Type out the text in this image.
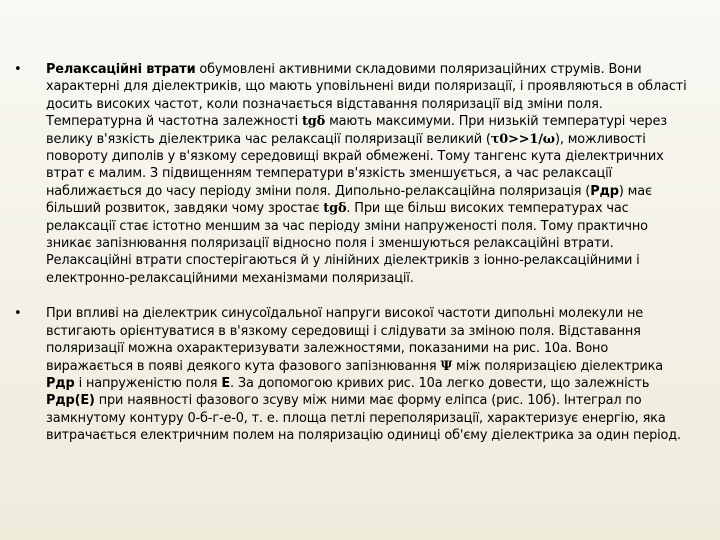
•	Релаксаційні втрати обумовлені активними складовими поляризаційних струмів. Вони характерні для діелектриків, що мають уповільнені види поляризації, і проявляються в області досить високих частот, коли позначається відставання поляризації від зміни поля. Температурна й частотна залежності tgδ мають максимуми. При низькій температурі через велику в'язкість діелектрика час релаксації поляризації великий (τ0>>1/ω), можливості повороту диполів у в'язкому середовищі вкрай обмежені. Тому тангенс кута діелектричних втрат є малим. З підвищенням температури в'язкість зменшується, а час релаксації наближається до часу періоду зміни поля. Дипольно-релаксаційна поляризація (Рдр) має більший розвиток, завдяки чому зростає tgδ. При ще більш високих температурах час релаксації стає істотно меншим за час періоду зміни напруженості поля. Тому практично зникає запізнювання поляризації відносно поля і зменшуються релаксаційні втрати. Релаксаційні втрати спостерігаються й у лінійних діелектриків з іонно-релаксаційними і електронно-релаксаційними механізмами поляризації.
•	При впливі на діелектрик синусоїдальної напруги високої частоти дипольні молекули не встигають орієнтуватися в в'язкому середовищі і слідувати за зміною поля. Відставання поляризації можна охарактеризувати залежностями, показаними на рис. 10а. Воно виражається в появі деякого кута фазового запізнювання Ψ між поляризацією діелектрика Рдр і напруженістю поля Е. За допомогою кривих рис. 10а легко довести, що залежність Рдр(Е) при наявності фазового зсуву між ними має форму еліпса (рис. 10б). Інтеграл по замкнутому контуру 0-б-г-е-0, т. е. площа петлі переполяризації, характеризує енергію, яка витрачається електричним полем на поляризацію одиниці об'єму діелектрика за один період.
